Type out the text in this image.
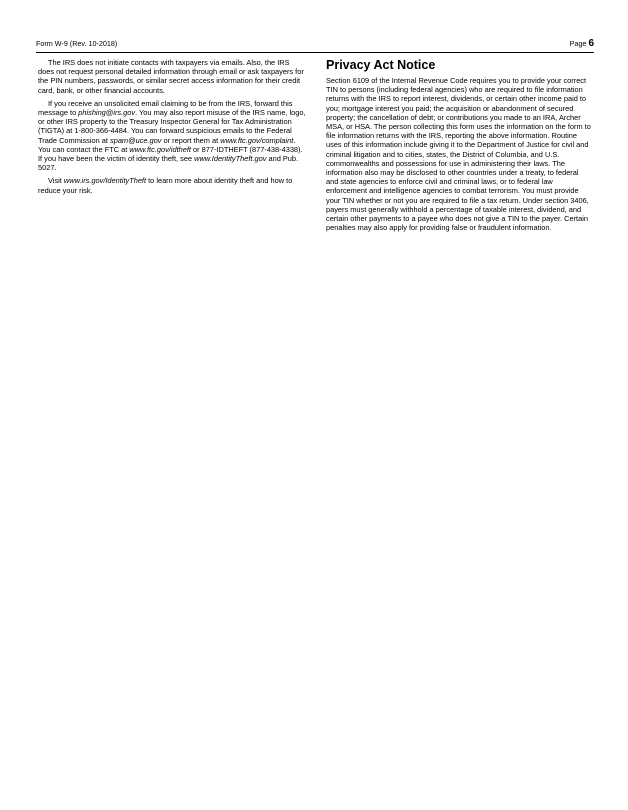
Form W-9 (Rev. 10-2018)	Page 6

The IRS does not initiate contacts with taxpayers via emails. Also, the IRS does not request personal detailed information through email or ask taxpayers for the PIN numbers, passwords, or similar secret access information for their credit card, bank, or other financial accounts.

If you receive an unsolicited email claiming to be from the IRS, forward this message to phishing@irs.gov. You may also report misuse of the IRS name, logo, or other IRS property to the Treasury Inspector General for Tax Administration (TIGTA) at 1-800-366-4484. You can forward suspicious emails to the Federal Trade Commission at spam@uce.gov or report them at www.ftc.gov/complaint. You can contact the FTC at www.ftc.gov/idtheft or 877-IDTHEFT (877-438-4338). If you have been the victim of identity theft, see www.IdentityTheft.gov and Pub. 5027.

Visit www.irs.gov/IdentityTheft to learn more about identity theft and how to reduce your risk.

Privacy Act Notice

Section 6109 of the Internal Revenue Code requires you to provide your correct TIN to persons (including federal agencies) who are required to file information returns with the IRS to report interest, dividends, or certain other income paid to you; mortgage interest you paid; the acquisition or abandonment of secured property; the cancellation of debt; or contributions you made to an IRA, Archer MSA, or HSA. The person collecting this form uses the information on the form to file information returns with the IRS, reporting the above information. Routine uses of this information include giving it to the Department of Justice for civil and criminal litigation and to cities, states, the District of Columbia, and U.S. commonwealths and possessions for use in administering their laws. The information also may be disclosed to other countries under a treaty, to federal and state agencies to enforce civil and criminal laws, or to federal law enforcement and intelligence agencies to combat terrorism. You must provide your TIN whether or not you are required to file a tax return. Under section 3406, payers must generally withhold a percentage of taxable interest, dividend, and certain other payments to a payee who does not give a TIN to the payer. Certain penalties may also apply for providing false or fraudulent information.
